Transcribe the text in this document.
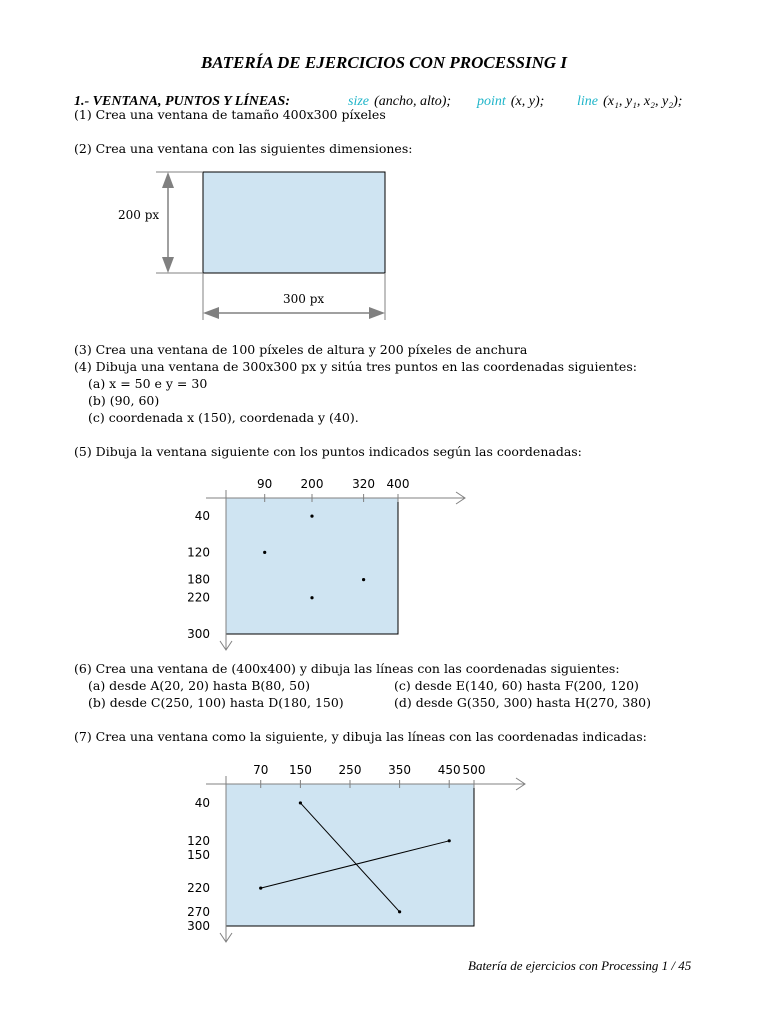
BATERÍA DE EJERCICIOS CON PROCESSING I
1.- VENTANA, PUNTOS Y LÍNEAS:	size (ancho, alto); point (x, y); line (x₁, y₁, x₂, y₂);
(1) Crea una ventana de tamaño 400x300 píxeles
(2) Crea una ventana con las siguientes dimensiones:
200 px
300 px
(3) Crea una ventana de 100 píxeles de altura y 200 píxeles de anchura
(4) Dibuja una ventana de 300x300 px y sitúa tres puntos en las coordenadas siguientes:
(a) x = 50 e y = 30
(b) (90, 60)
(c) coordenada x (150), coordenada y (40).
(5) Dibuja la ventana siguiente con los puntos indicados según las coordenadas:
90 200 320 400
40
120
180
220
300
(6) Crea una ventana de (400x400) y dibuja las líneas con las coordenadas siguientes:
(a) desde A(20, 20) hasta B(80, 50)	(c) desde E(140, 60) hasta F(200, 120)
(b) desde C(250, 100) hasta D(180, 150)	(d) desde G(350, 300) hasta H(270, 380)
(7) Crea una ventana como la siguiente, y dibuja las líneas con las coordenadas indicadas:
70 150 250 350 450 500
40
120
150
220
270
300
Batería de ejercicios con Processing 1 / 45
